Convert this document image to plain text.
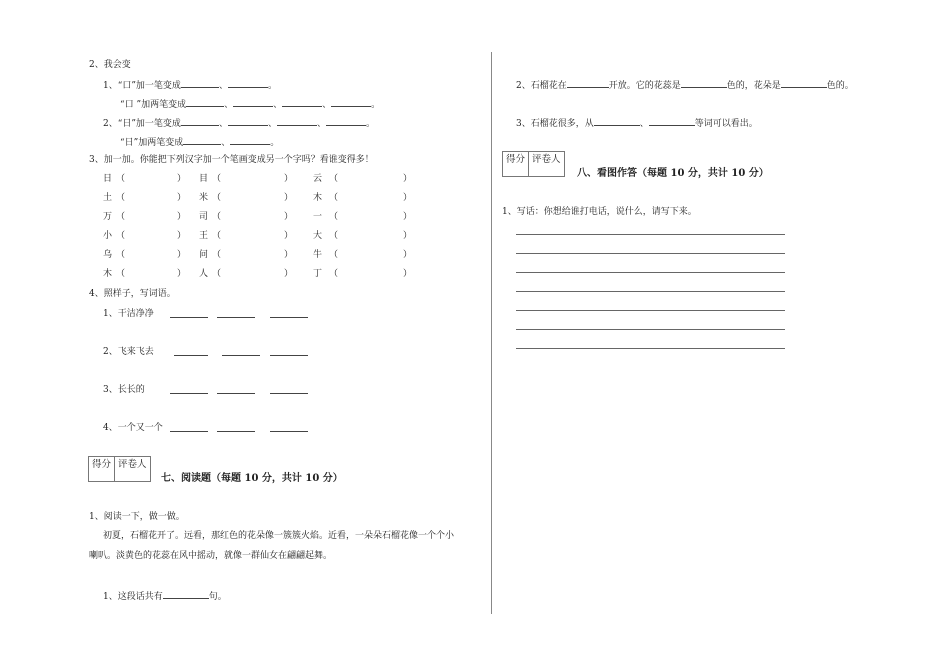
2、我会变
1、“口”加一笔变成	、	。
“口 ”加两笔变成	、	、	、	。
2、“日”加一笔变成	、	、	、	。
“日”加两笔变成	、	。
3、加一加。你能把下列汉字加一个笔画变成另一个字吗？看谁变得多！
日 （	） 目 （	） 云 （	）
土 （	） 米 （	） 木 （	）
万 （	） 司 （	） 一 （	）
小 （	） 王 （	） 大 （	）
乌 （	） 问 （	） 牛 （	）
木 （	） 人 （	） 丁 （	）
4、照样子，写词语。
1、干洁净净
2、飞来飞去
3、长长的
4、一个又一个
得分 评卷人
七、阅读题（每题 10 分，共计 10 分）
1、阅读一下，做一做。
初夏，石榴花开了。远看，那红色的花朵像一簇簇火焰。近看，一朵朵石榴花像一个个小
喇叭。淡黄色的花蕊在风中摇动，就像一群仙女在翩翩起舞。
1、这段话共有	句。
2、石榴花在	开放。它的花蕊是	色的，花朵是	色的。
3、石榴花很多，从	、	等词可以看出。
得分 评卷人
八、看图作答（每题 10 分，共计 10 分）
1、写话：你想给谁打电话，说什么，请写下来。
